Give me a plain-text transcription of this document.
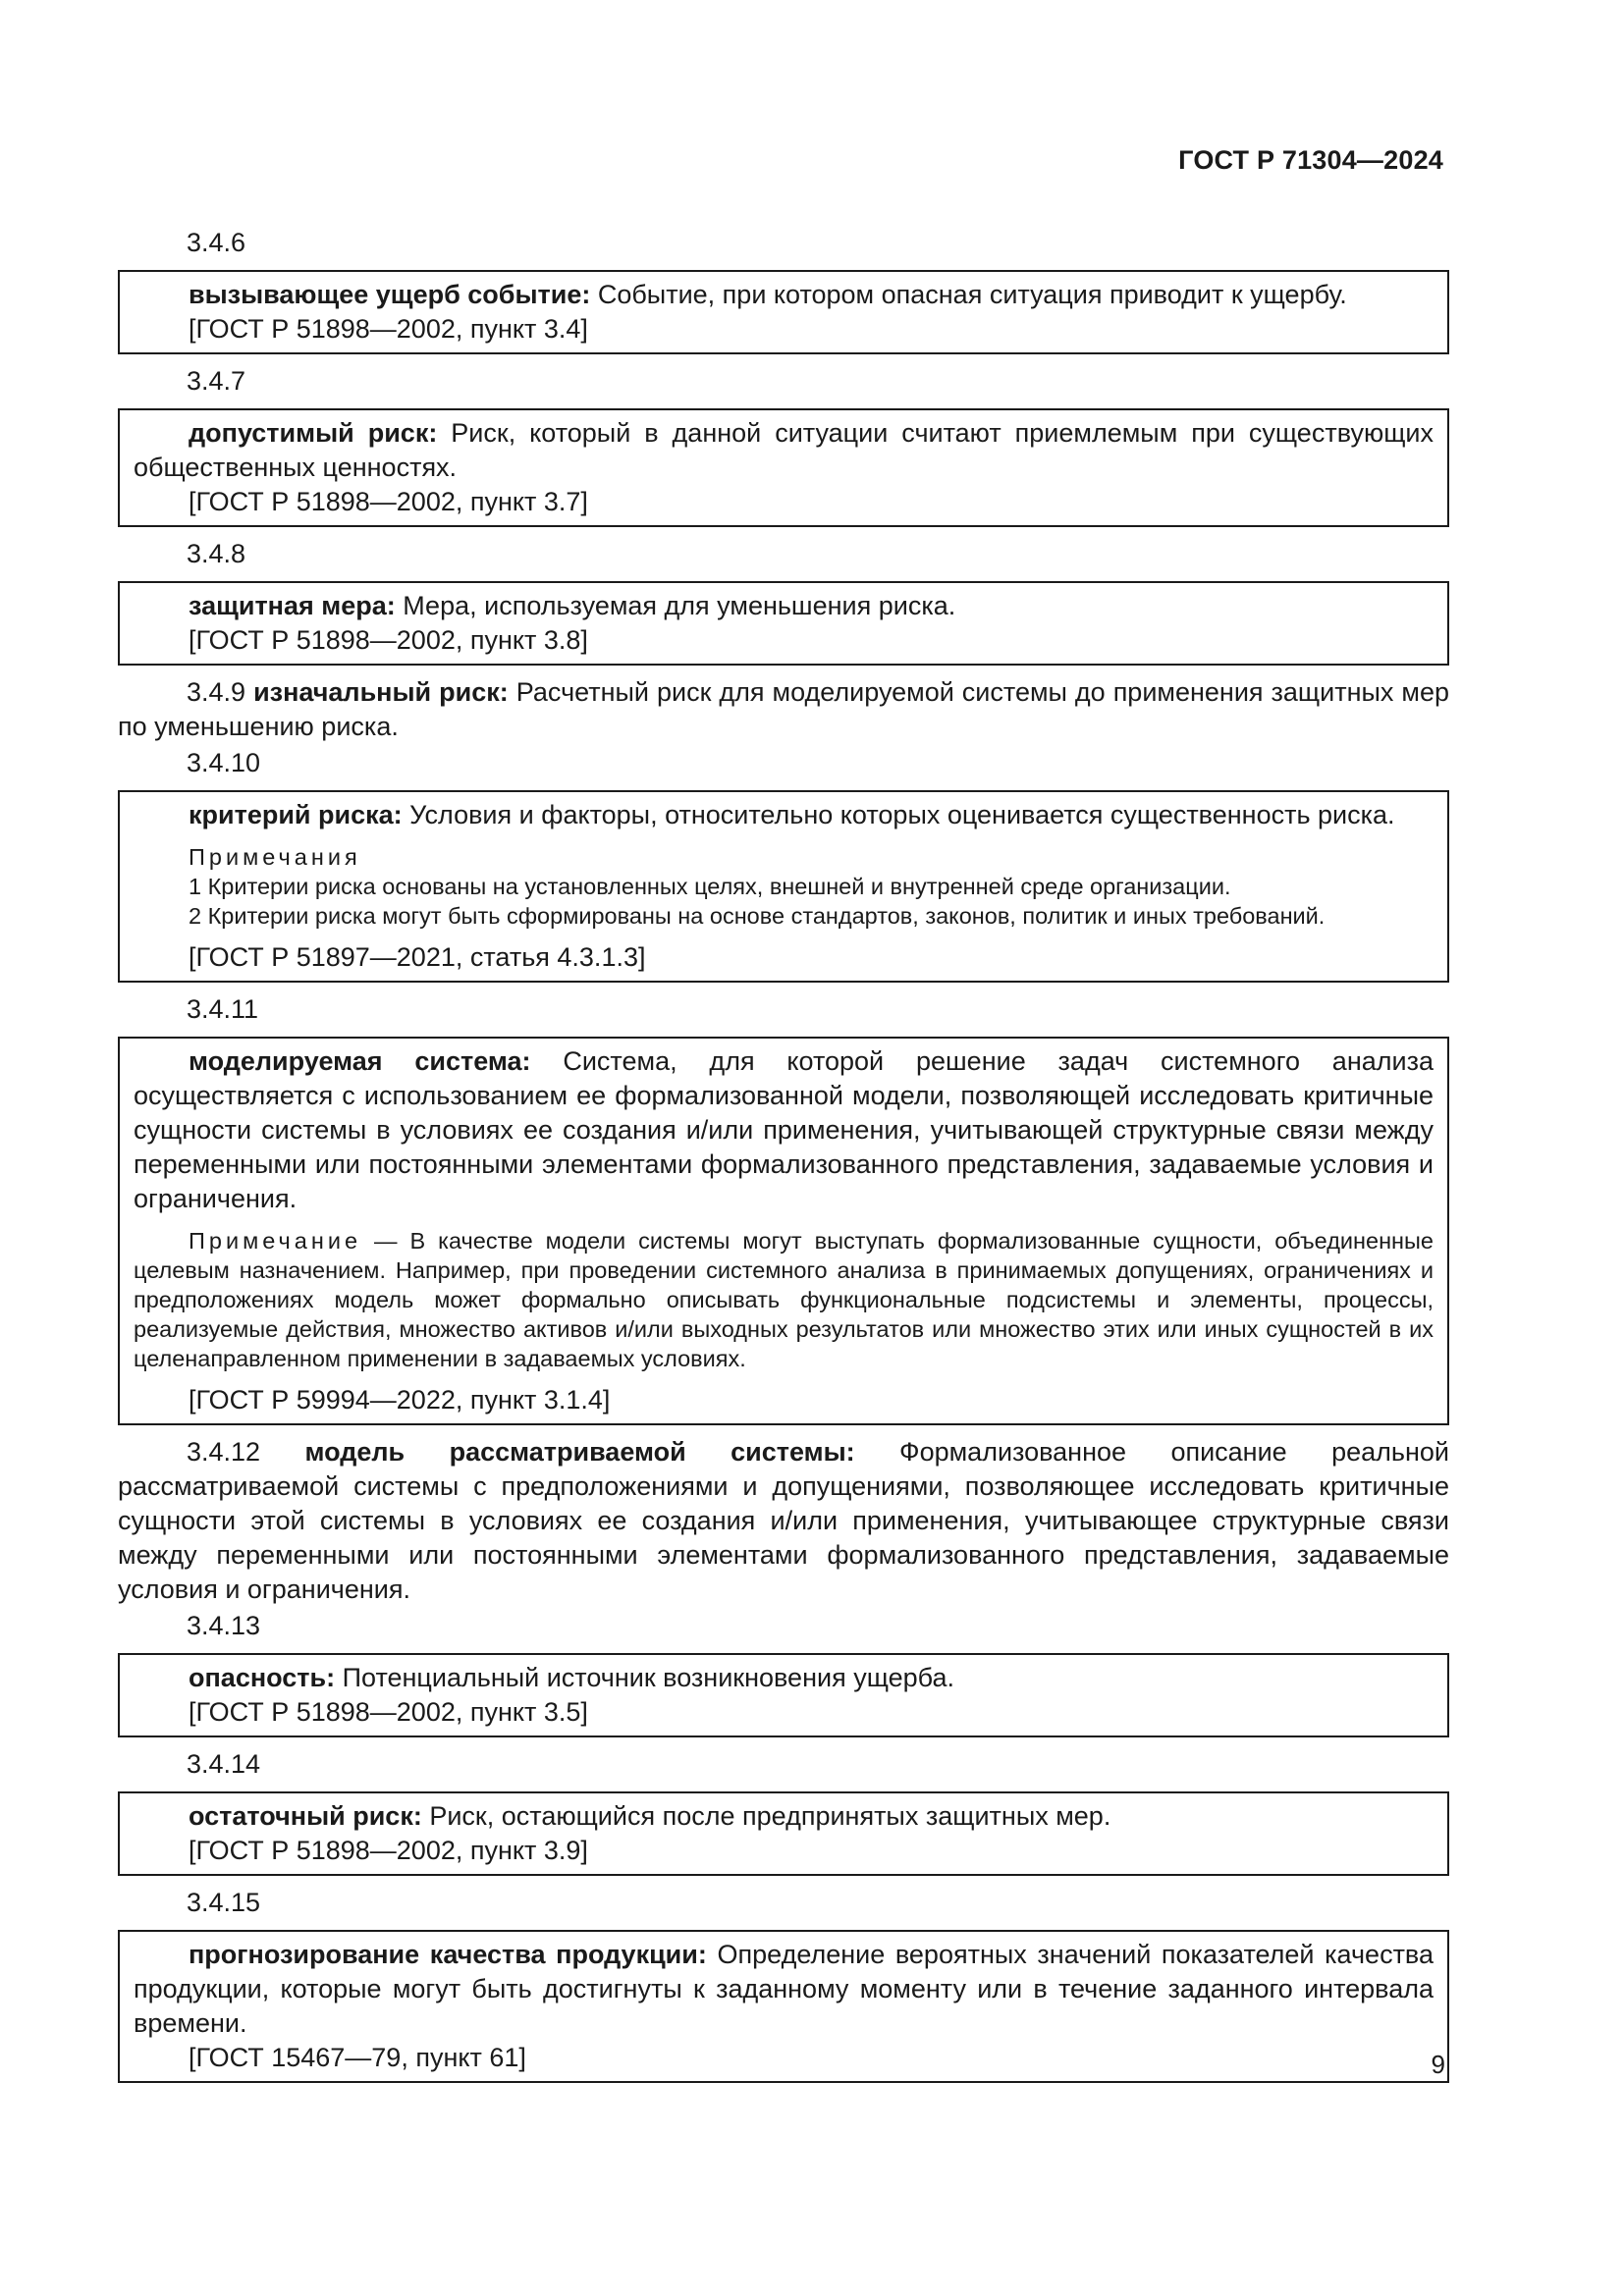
ГОСТ Р 71304—2024
3.4.6

вызывающее ущерб событие: Событие, при котором опасная ситуация приводит к ущербу.

[ГОСТ Р 51898—2002, пункт 3.4]

3.4.7

допустимый риск: Риск, который в данной ситуации считают приемлемым при существующих общественных ценностях.

[ГОСТ Р 51898—2002, пункт 3.7]

3.4.8

защитная мера: Мера, используемая для уменьшения риска.

[ГОСТ Р 51898—2002, пункт 3.8]

3.4.9 изначальный риск: Расчетный риск для моделируемой системы до применения защитных мер по уменьшению риска.

3.4.10

критерий риска: Условия и факторы, относительно которых оценивается существенность риска.

Примечания

1 Критерии риска основаны на установленных целях, внешней и внутренней среде организации.

2 Критерии риска могут быть сформированы на основе стандартов, законов, политик и иных требований.

[ГОСТ Р 51897—2021, статья 4.3.1.3]

3.4.11

моделируемая система: Система, для которой решение задач системного анализа осуществляется с использованием ее формализованной модели, позволяющей исследовать критичные сущности системы в условиях ее создания и/или применения, учитывающей структурные связи между переменными или постоянными элементами формализованного представления, задаваемые условия и ограничения.

Примечание — В качестве модели системы могут выступать формализованные сущности, объединенные целевым назначением. Например, при проведении системного анализа в принимаемых допущениях, ограничениях и предположениях модель может формально описывать функциональные подсистемы и элементы, процессы, реализуемые действия, множество активов и/или выходных результатов или множество этих или иных сущностей в их целенаправленном применении в задаваемых условиях.

[ГОСТ Р 59994—2022, пункт 3.1.4]

3.4.12 модель рассматриваемой системы: Формализованное описание реальной рассматриваемой системы с предположениями и допущениями, позволяющее исследовать критичные сущности этой системы в условиях ее создания и/или применения, учитывающее структурные связи между переменными или постоянными элементами формализованного представления, задаваемые условия и ограничения.

3.4.13

опасность: Потенциальный источник возникновения ущерба.

[ГОСТ Р 51898—2002, пункт 3.5]

3.4.14

остаточный риск: Риск, остающийся после предпринятых защитных мер.

[ГОСТ Р 51898—2002, пункт 3.9]

3.4.15

прогнозирование качества продукции: Определение вероятных значений показателей качества продукции, которые могут быть достигнуты к заданному моменту или в течение заданного интервала времени.

[ГОСТ 15467—79, пункт 61]	9
